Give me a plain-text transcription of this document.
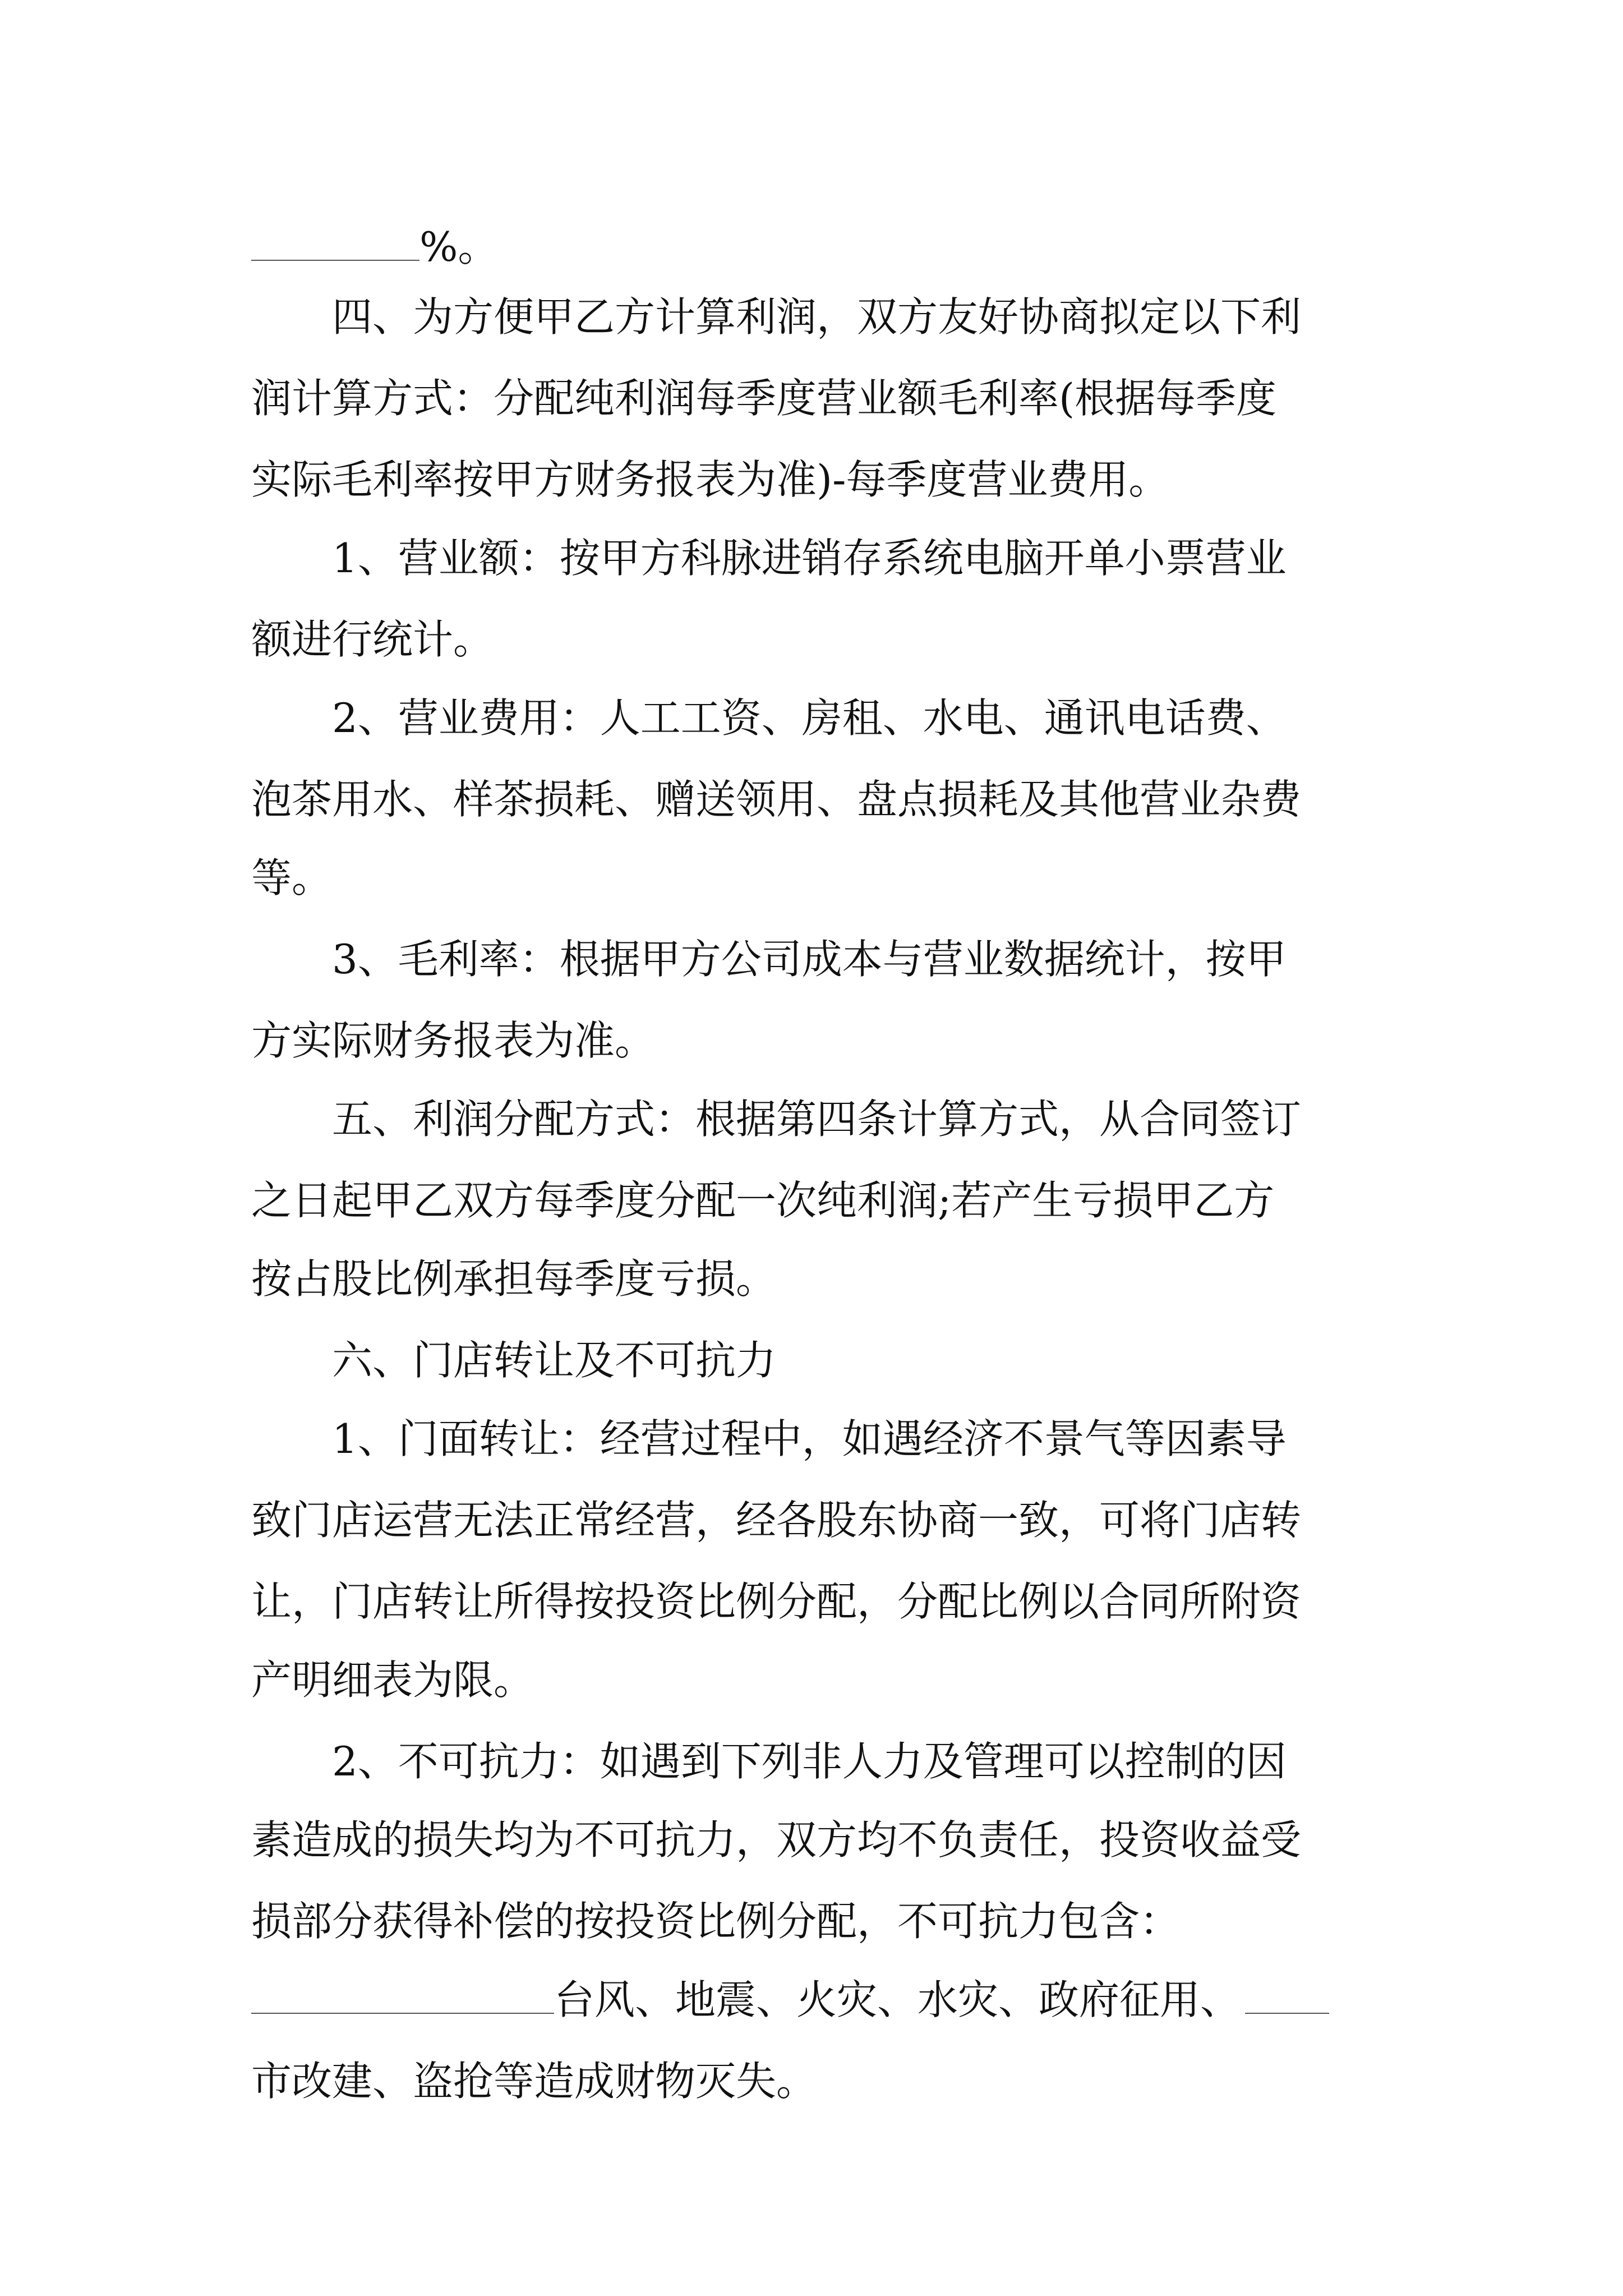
%。
四、为方便甲乙方计算利润，双方友好协商拟定以下利
润计算方式：分配纯利润每季度营业额毛利率(根据每季度
实际毛利率按甲方财务报表为准)-每季度营业费用。
1、营业额：按甲方科脉进销存系统电脑开单小票营业
额进行统计。
2、营业费用：人工工资、房租、水电、通讯电话费、
泡茶用水、样茶损耗、赠送领用、盘点损耗及其他营业杂费
等。
3、毛利率：根据甲方公司成本与营业数据统计，按甲
方实际财务报表为准。
五、利润分配方式：根据第四条计算方式，从合同签订
之日起甲乙双方每季度分配一次纯利润;若产生亏损甲乙方
按占股比例承担每季度亏损。
六、门店转让及不可抗力
1、门面转让：经营过程中，如遇经济不景气等因素导
致门店运营无法正常经营，经各股东协商一致，可将门店转
让，门店转让所得按投资比例分配，分配比例以合同所附资
产明细表为限。
2、不可抗力：如遇到下列非人力及管理可以控制的因
素造成的损失均为不可抗力，双方均不负责任，投资收益受
损部分获得补偿的按投资比例分配，不可抗力包含：
台风、地震、火灾、水灾、政府征用、
市改建、盗抢等造成财物灭失。
